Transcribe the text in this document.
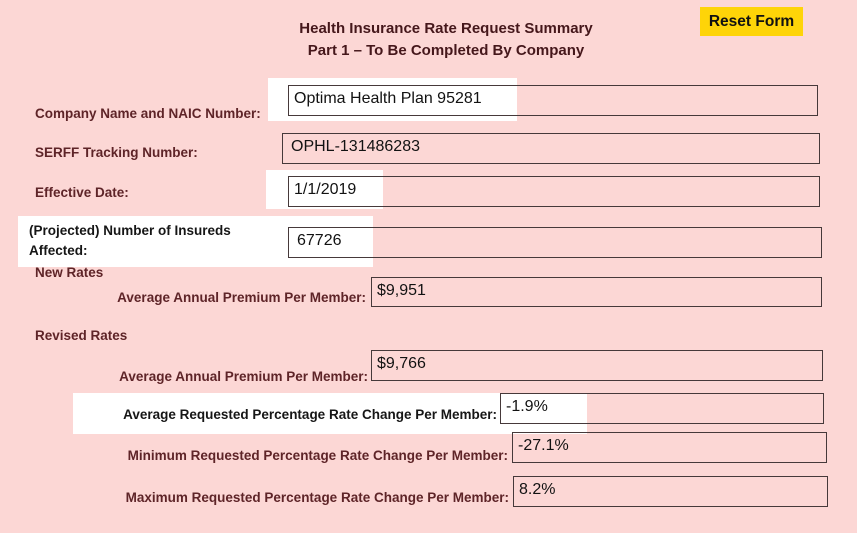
Health Insurance Rate Request Summary
Part 1 – To Be Completed By Company
Reset Form
Company Name and NAIC Number:
SERFF Tracking Number:
Effective Date:
(Projected) Number of Insureds
Affected:
New Rates
Average Annual Premium Per Member:
Revised Rates
Average Annual Premium Per Member:
Average Requested Percentage Rate Change Per Member:
Minimum Requested Percentage Rate Change Per Member:
Maximum Requested Percentage Rate Change Per Member:
Optima Health Plan 95281
OPHL-131486283
1/1/2019
67726
$9,951
$9,766
-1.9%
-27.1%
8.2%
